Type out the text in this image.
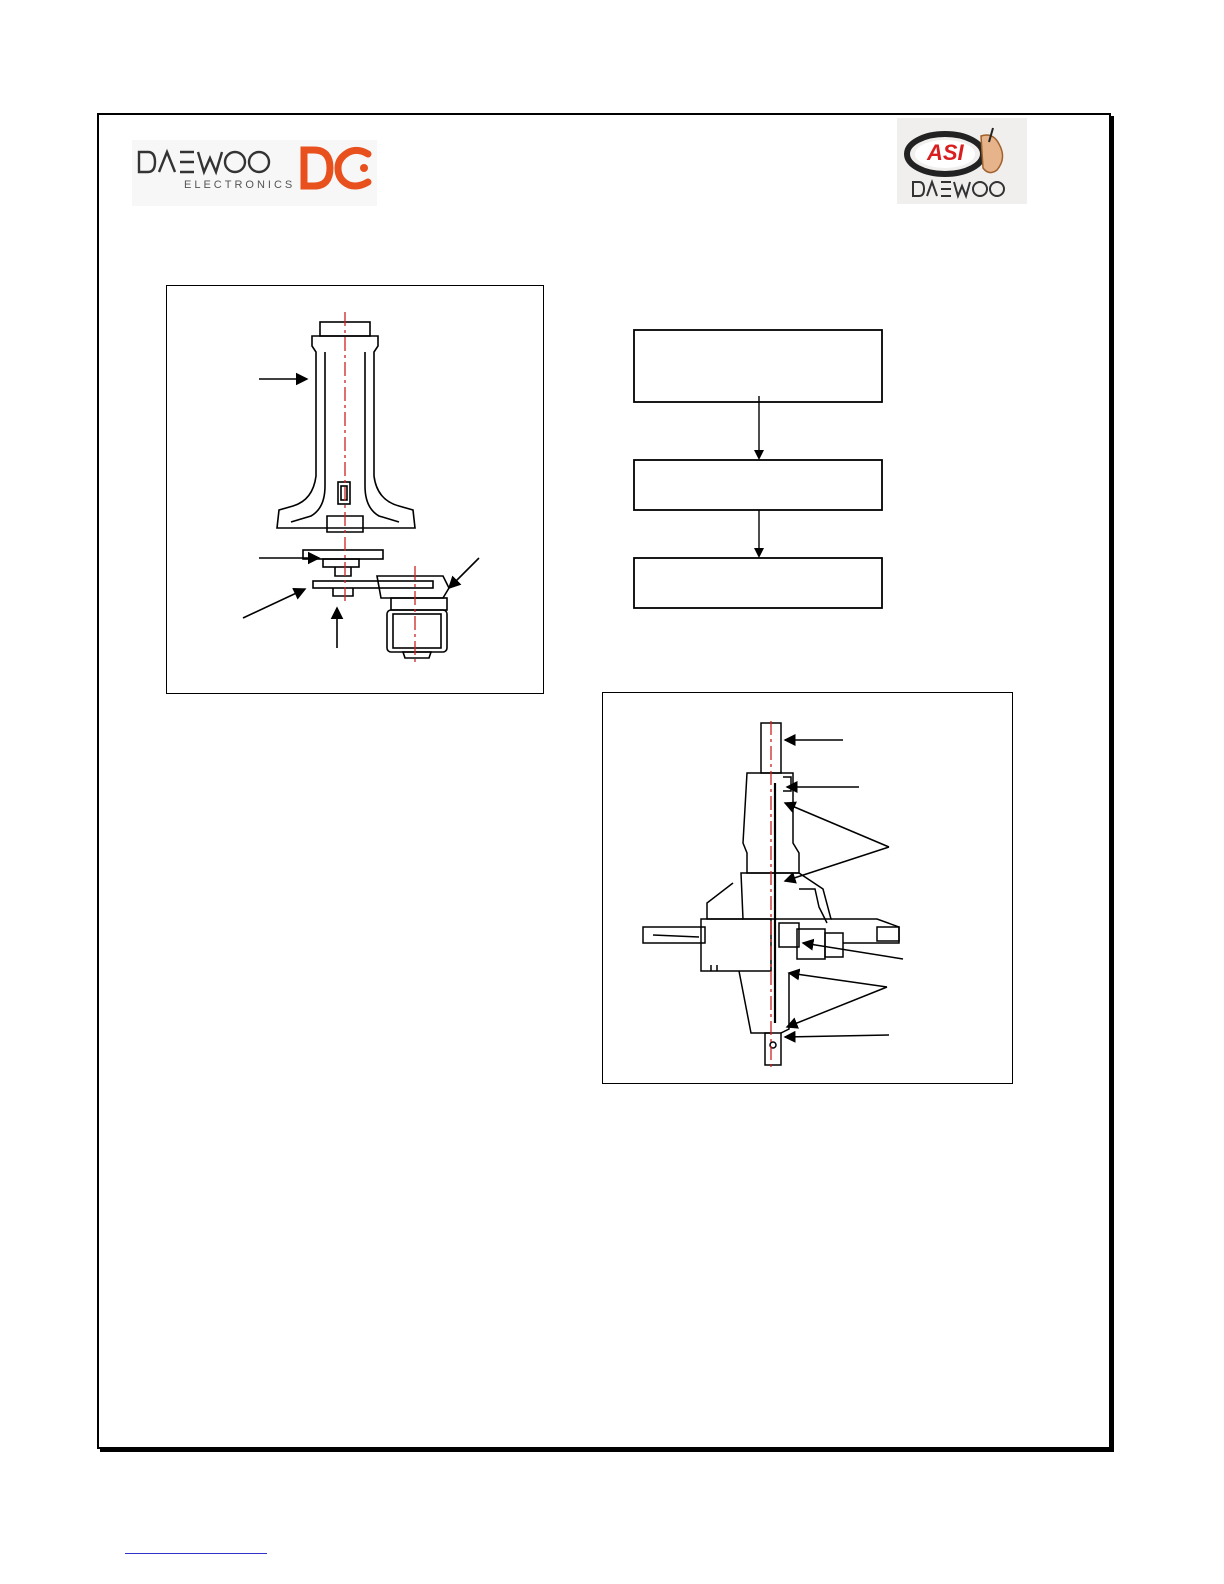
ELECTRONICS
ASI
